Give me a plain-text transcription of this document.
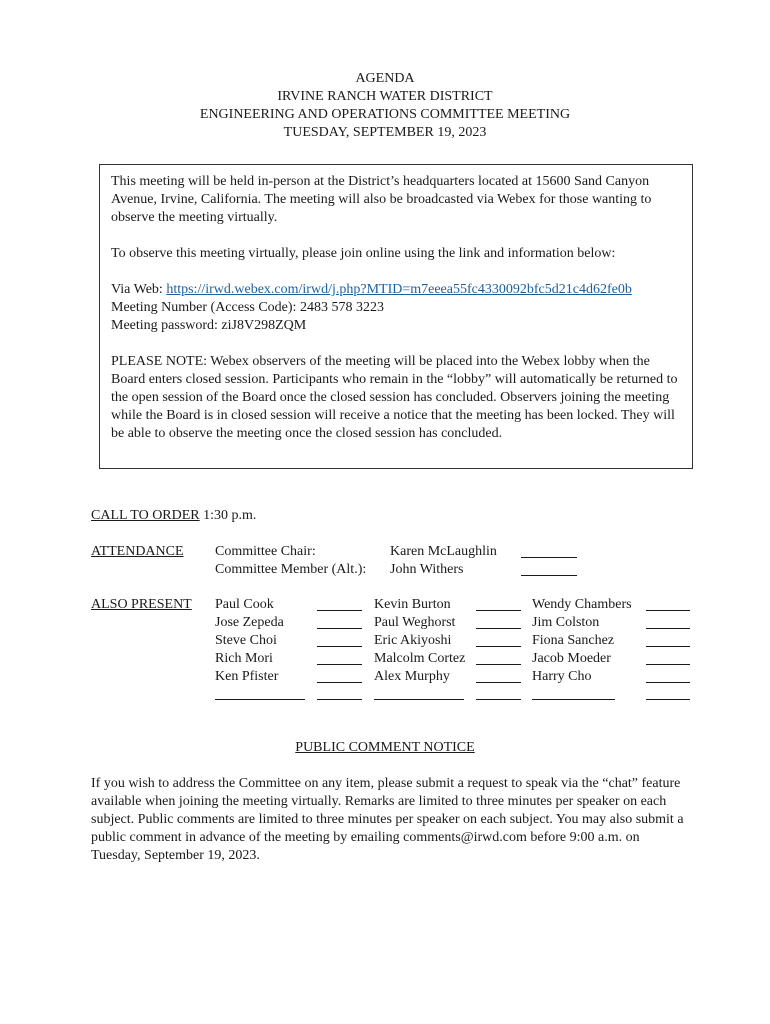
AGENDA
IRVINE RANCH WATER DISTRICT
ENGINEERING AND OPERATIONS COMMITTEE MEETING
TUESDAY, SEPTEMBER 19, 2023

This meeting will be held in-person at the District’s headquarters located at 15600 Sand Canyon Avenue, Irvine, California. The meeting will also be broadcasted via Webex for those wanting to observe the meeting virtually.

To observe this meeting virtually, please join online using the link and information below:

Via Web: https://irwd.webex.com/irwd/j.php?MTID=m7eeea55fc4330092bfc5d21c4d62fe0b
Meeting Number (Access Code): 2483 578 3223
Meeting password: ziJ8V298ZQM

PLEASE NOTE: Webex observers of the meeting will be placed into the Webex lobby when the Board enters closed session. Participants who remain in the “lobby” will automatically be returned to the open session of the Board once the closed session has concluded. Observers joining the meeting while the Board is in closed session will receive a notice that the meeting has been locked. They will be able to observe the meeting once the closed session has concluded.

CALL TO ORDER 1:30 p.m.
ATTENDANCE Committee Chair:	Karen McLaughlin
Committee Member (Alt.): John Withers
ALSO PRESENT Paul Cook
Jose Zepeda
Steve Choi
Rich Mori
Ken Pfister
Kevin Burton
Paul Weghorst
Eric Akiyoshi
Malcolm Cortez
Alex Murphy
Wendy Chambers
Jim Colston
Fiona Sanchez
Jacob Moeder
Harry Cho
PUBLIC COMMENT NOTICE
If you wish to address the Committee on any item, please submit a request to speak via the “chat” feature available when joining the meeting virtually. Remarks are limited to three minutes per speaker on each subject. Public comments are limited to three minutes per speaker on each subject. You may also submit a public comment in advance of the meeting by emailing comments@irwd.com before 9:00 a.m. on Tuesday, September 19, 2023.
